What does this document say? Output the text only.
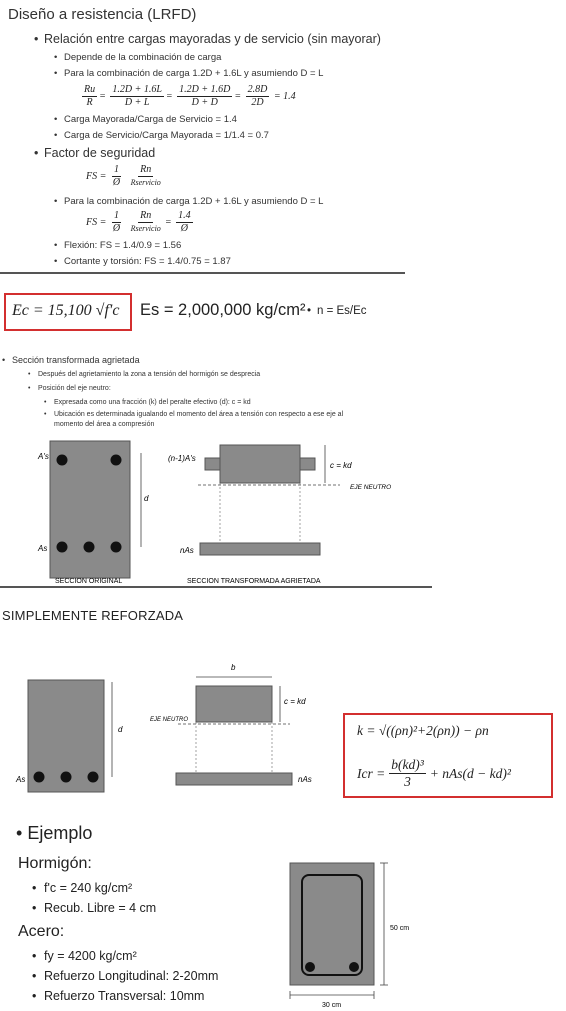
Diseño a resistencia (LRFD)
• Relación entre cargas mayoradas y de servicio (sin mayorar)
• Depende de la combinación de carga
• Para la combinación de carga 1.2D + 1.6L y asumiendo D = L
$\frac{Ru}{R} = \frac{1.2D + 1.6L}{D + L} = \frac{1.2D + 1.6D}{D + D} = \frac{2.8D}{2D} = 1.4$
• Carga Mayorada/Carga de Servicio = 1.4
• Carga de Servicio/Carga Mayorada = 1/1.4 = 0.7
• Factor de seguridad
FS = $\frac{1}{Ø}$
$\frac{Rn}{\text{Rservicio}}$
• Para la combinación de carga 1.2D + 1.6L y asumiendo D = L
FS = $\frac{1}{Ø}$
$\frac{Rn}{\text{Rservicio}} = \frac{1.4}{Ø}$
• Flexión: FS = 1.4/0.9 = 1.56
• Cortante y torsión: FS = 1.4/0.75 = 1.87
Ec = 15,100 √f'c Es = 2,000,000 kg/cm²
• n = Es/Ec
• Sección transformada agrietada
• Después del agrietamiento la zona a tensión del hormigón se desprecia
• Posición del eje neutro:
• Expresada como una fracción (k) del peralte efectivo (d): c = kd
• Ubicación es determinada igualando el momento del área a tensión con respecto a ese eje al
momento del área a compresión
A's
As
d
SECCION ORIGINAL
(n-1)A's
c = kd
EJE NEUTRO
nAs
SECCION TRANSFORMADA AGRIETADA
SIMPLEMENTE REFORZADA
As
d
b
c = kd
EJE NEUTRO
nAs
k = √((ρn)²+2(ρn)) − ρn
Icr = $\frac{\text{b(kd)³}}{3} + nAs(d - kd)^2$
• Ejemplo
Hormigón:
• f'c = 240 kg/cm²
• Recub. Libre = 4 cm
Acero:
• fy = 4200 kg/cm²
• Refuerzo Longitudinal: 2-20mm
• Refuerzo Transversal: 10mm
50 cm
30 cm
